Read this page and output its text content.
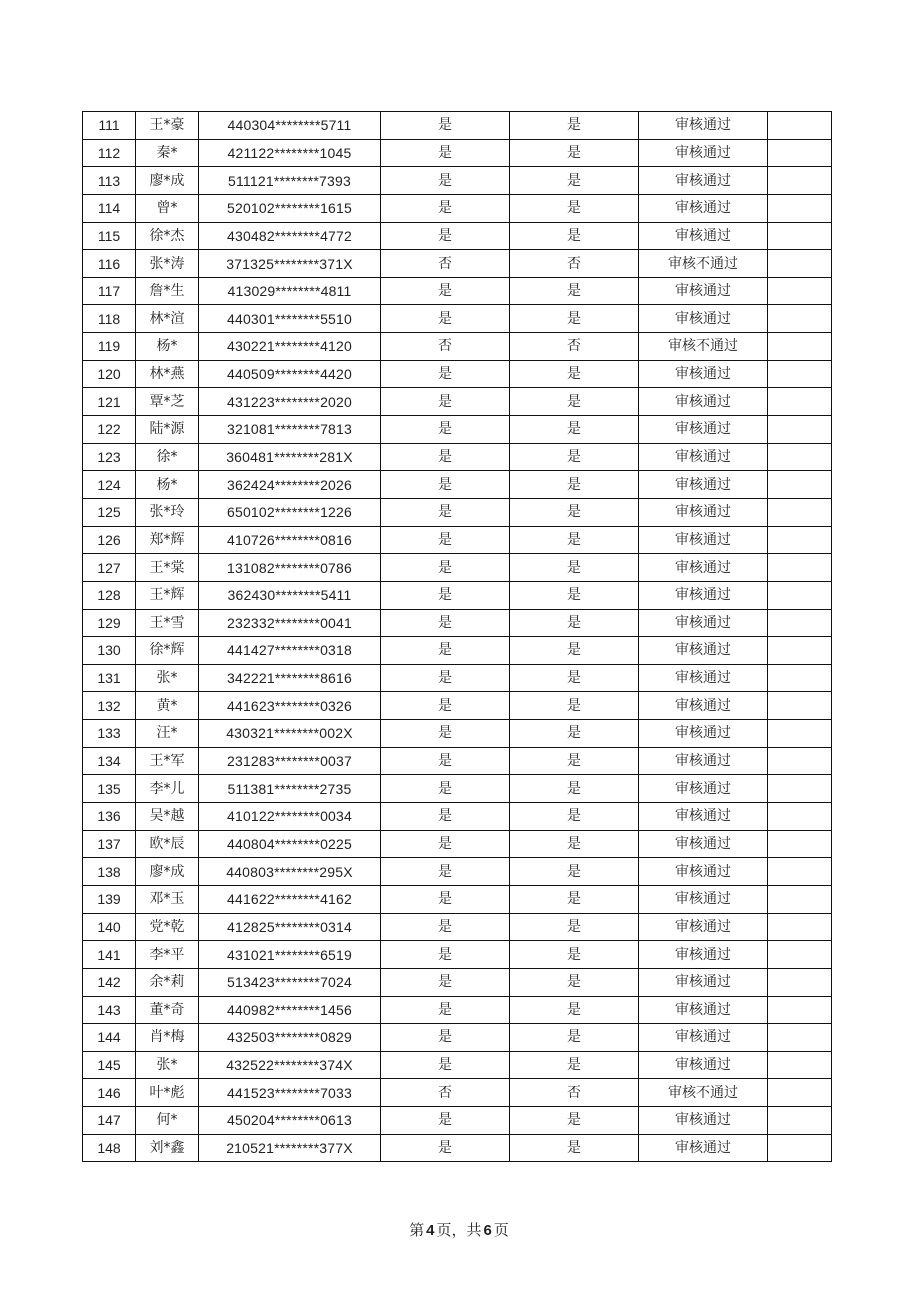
111	王*豪	440304********5711	是	是	审核通过	
112	秦*	421122********1045	是	是	审核通过	
113	廖*成	511121********7393	是	是	审核通过	
114	曾*	520102********1615	是	是	审核通过	
115	徐*杰	430482********4772	是	是	审核通过	
116	张*涛	371325********371X	否	否	审核不通过	
117	詹*生	413029********4811	是	是	审核通过	
118	林*渲	440301********5510	是	是	审核通过	
119	杨*	430221********4120	否	否	审核不通过	
120	林*燕	440509********4420	是	是	审核通过	
121	覃*芝	431223********2020	是	是	审核通过	
122	陆*源	321081********7813	是	是	审核通过	
123	徐*	360481********281X	是	是	审核通过	
124	杨*	362424********2026	是	是	审核通过	
125	张*玲	650102********1226	是	是	审核通过	
126	郑*辉	410726********0816	是	是	审核通过	
127	王*棠	131082********0786	是	是	审核通过	
128	王*辉	362430********5411	是	是	审核通过	
129	王*雪	232332********0041	是	是	审核通过	
130	徐*辉	441427********0318	是	是	审核通过	
131	张*	342221********8616	是	是	审核通过	
132	黄*	441623********0326	是	是	审核通过	
133	汪*	430321********002X	是	是	审核通过	
134	王*军	231283********0037	是	是	审核通过	
135	李*儿	511381********2735	是	是	审核通过	
136	吴*越	410122********0034	是	是	审核通过	
137	欧*辰	440804********0225	是	是	审核通过	
138	廖*成	440803********295X	是	是	审核通过	
139	邓*玉	441622********4162	是	是	审核通过	
140	党*乾	412825********0314	是	是	审核通过	
141	李*平	431021********6519	是	是	审核通过	
142	余*莉	513423********7024	是	是	审核通过	
143	董*奇	440982********1456	是	是	审核通过	
144	肖*梅	432503********0829	是	是	审核通过	
145	张*	432522********374X	是	是	审核通过	
146	叶*彪	441523********7033	否	否	审核不通过	
147	何*	450204********0613	是	是	审核通过	
148	刘*鑫	210521********377X	是	是	审核通过	
第 4 页，共 6 页
